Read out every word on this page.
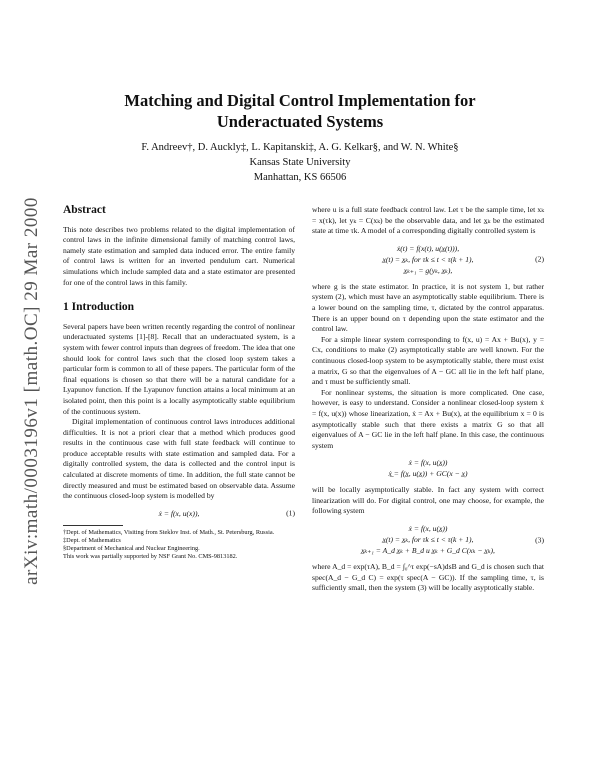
arXiv:math/0003196v1 [math.OC] 29 Mar 2000
Matching and Digital Control Implementation for
Underactuated Systems
F. Andreev†, D. Auckly‡, L. Kapitanski‡, A. G. Kelkar§, and W. N. White§
Kansas State University
Manhattan, KS 66506
Abstract

This note describes two problems related to the digital implementation of control laws in the infinite dimensional family of matching control laws, namely state estimation and sampled data induced error. The entire family of control laws is written for an inverted pendulum cart. Numerical simulations which include sampled data and a state estimator are presented for one of the control laws in this family.

1 Introduction

Several papers have been written recently regarding the control of nonlinear underactuated systems [1]-[8]. Recall that an underactuated system, is a system with fewer control inputs than degrees of freedom. The idea that one should look for control laws such that the closed loop system takes a particular form is common to all of these papers. The particular form of the final equations is chosen so that there will be a natural candidate for a Lyapunov function. If the Lyapunov function attains a local minimum at an isolated point, then this point is a locally asymptotically stable equilibrium of the continuous system.

Digital implementation of continuous control laws introduces additional difficulties. It is not a priori clear that a method which produces good results in the continuous case with full state feedback will continue to produce acceptable results with state estimation and sampled data. For a digitally controlled system, the data is collected and the control input is calculated at discrete moments of time. In addition, the full state cannot be directly measured and must be estimated based on observable data. Assume the continuous closed-loop system is modelled by

ẋ = f(x, u(x)),	(1)
†Dept. of Mathematics, Visiting from Steklov Inst. of Math., St. Petersburg, Russia.
‡Dept. of Mathematics
§Department of Mechanical and Nuclear Engineering.
This work was partially supported by NSF Grant No. CMS-9813182.

where u is a full state feedback control law. Let τ be the sample time, let xₖ = x(τk), let yₖ = C(xₖ) be the observable data, and let x̲ₖ be the estimated state at time τk. A model of a corresponding digitally controlled system is

ẋ(t) = f(x(t), u(x̲(t))),
x̲(t) = x̲ₖ, for τk ≤ t < τ(k + 1),
x̲ₖ₊₁ = g(yₖ, x̲ₖ),
(2)

where g is the state estimator. In practice, it is not system 1, but rather system (2), which must have an asymptotically stable equilibrium. There is a lower bound on the sampling time, τ, dictated by the control apparatus. There is an upper bound on τ depending upon the state estimator and the control law.

For a simple linear system corresponding to f(x, u) = Ax + Bu(x), y = Cx, conditions to make (2) asymptotically stable are well known. For the continuous closed-loop system to be asymptotically stable, there must exist a matrix, G so that the eigenvalues of A − GC all lie in the left half plane, and τ must be sufficiently small.

For nonlinear systems, the situation is more complicated. One case, however, is easy to understand. Consider a nonlinear closed-loop system ẋ = f(x, u(x)) whose linearization, ẋ = Ax + Bu(x), at the equilibrium x = 0 is asymptotically stable such that there exists a matrix G so that all eigenvalues of A − GC lie in the left half plane. In this case, the continuous system

ẋ = f(x, u(x̲))
ẋ̲ = f(x̲, u(x̲)) + GC(x − x̲)

will be locally asymptotically stable. In fact any system with correct linearization will do. For digital control, one may choose, for example, the following system

ẋ = f(x, u(x̲))
x̲(t) = x̲ₖ, for τk ≤ t < τ(k + 1),
x̲ₖ₊₁ = A_d x̲ₖ + B_d u x̲ₖ + G_d C(xₖ − x̲ₖ),
(3)

where A_d = exp(τA), B_d = ∫₀^τ exp(−sA)dsB and G_d is chosen such that spec(A_d − G_d C) = exp(τ spec(A − GC)). If the sampling time, τ, is sufficiently small, then the system (3) will be locally asyptotically stable.
